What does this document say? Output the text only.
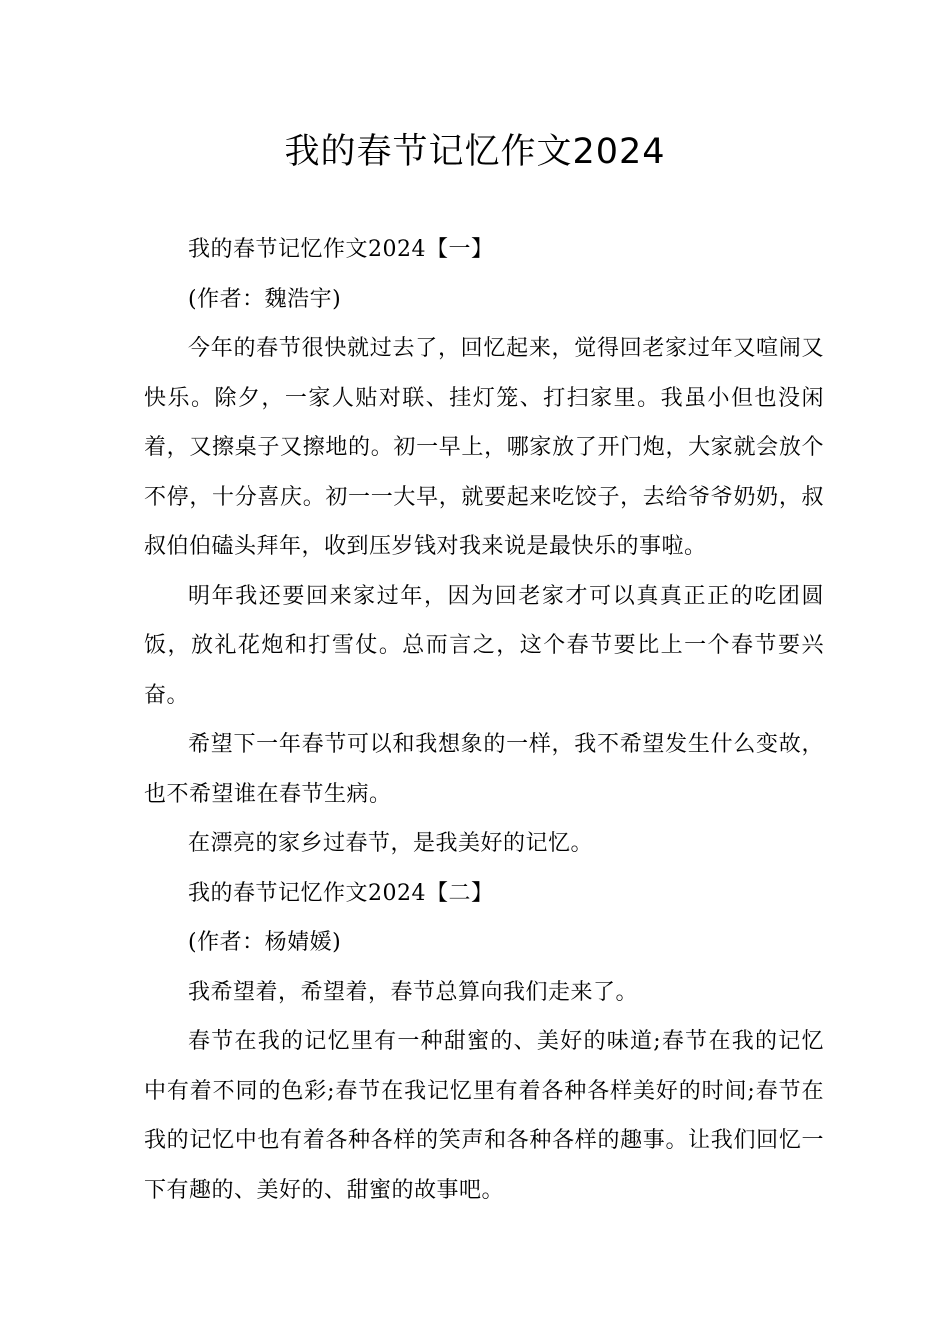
我的春节记忆作文2024

我的春节记忆作文2024【一】

(作者：魏浩宇)

今年的春节很快就过去了，回忆起来，觉得回老家过年又喧闹又快乐。除夕，一家人贴对联、挂灯笼、打扫家里。我虽小但也没闲着，又擦桌子又擦地的。初一早上，哪家放了开门炮，大家就会放个不停，十分喜庆。初一一大早，就要起来吃饺子，去给爷爷奶奶，叔叔伯伯磕头拜年，收到压岁钱对我来说是最快乐的事啦。

明年我还要回来家过年，因为回老家才可以真真正正的吃团圆饭，放礼花炮和打雪仗。总而言之，这个春节要比上一个春节要兴奋。

希望下一年春节可以和我想象的一样，我不希望发生什么变故，也不希望谁在春节生病。

在漂亮的家乡过春节，是我美好的记忆。

我的春节记忆作文2024【二】

(作者：杨婧媛)

我希望着，希望着，春节总算向我们走来了。

春节在我的记忆里有一种甜蜜的、美好的味道;春节在我的记忆中有着不同的色彩;春节在我记忆里有着各种各样美好的时间;春节在我的记忆中也有着各种各样的笑声和各种各样的趣事。让我们回忆一下有趣的、美好的、甜蜜的故事吧。
